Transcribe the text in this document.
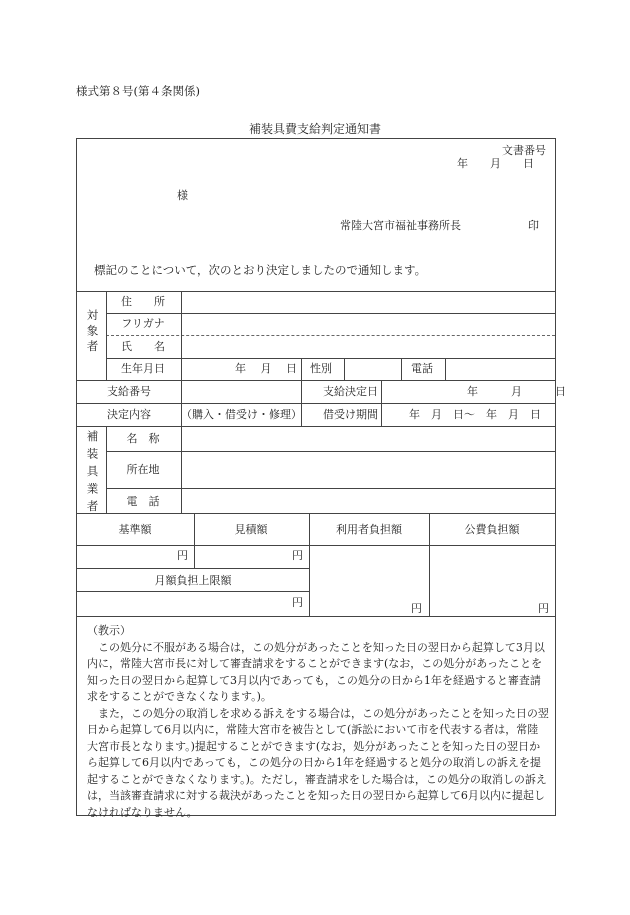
様式第８号(第４条関係)
補装具費支給判定通知書
文書番号
年　　月　　日
様
常陸大宮市福祉事務所長	印
標記のことについて，次のとおり決定しましたので通知します。
対象者
住　　所
フリガナ
氏　　名
生年月日	年　 月　 日 性別	電話
支給番号	支給決定日	年　　　月　　　日
決定内容	（購入・借受け・修理） 借受け期間	年　月　日～　年　月　日
補装具業者 名　称
所在地
電　話
基準額	見積額	利用者負担額	公費負担額
円	円
月額負担上限額
円	円	円

（教示）

この処分に不服がある場合は，この処分があったことを知った日の翌日から起算して3月以内に，常陸大宮市長に対して審査請求をすることができます(なお，この処分があったことを知った日の翌日から起算して3月以内であっても，この処分の日から1年を経過すると審査請求をすることができなくなります。)。

また，この処分の取消しを求める訴えをする場合は，この処分があったことを知った日の翌日から起算して6月以内に，常陸大宮市を被告として(訴訟において市を代表する者は，常陸大宮市長となります。)提起することができます(なお，処分があったことを知った日の翌日から起算して6月以内であっても，この処分の日から1年を経過すると処分の取消しの訴えを提起することができなくなります。)。ただし，審査請求をした場合は，この処分の取消しの訴えは，当該審査請求に対する裁決があったことを知った日の翌日から起算して6月以内に提起しなければなりません。
